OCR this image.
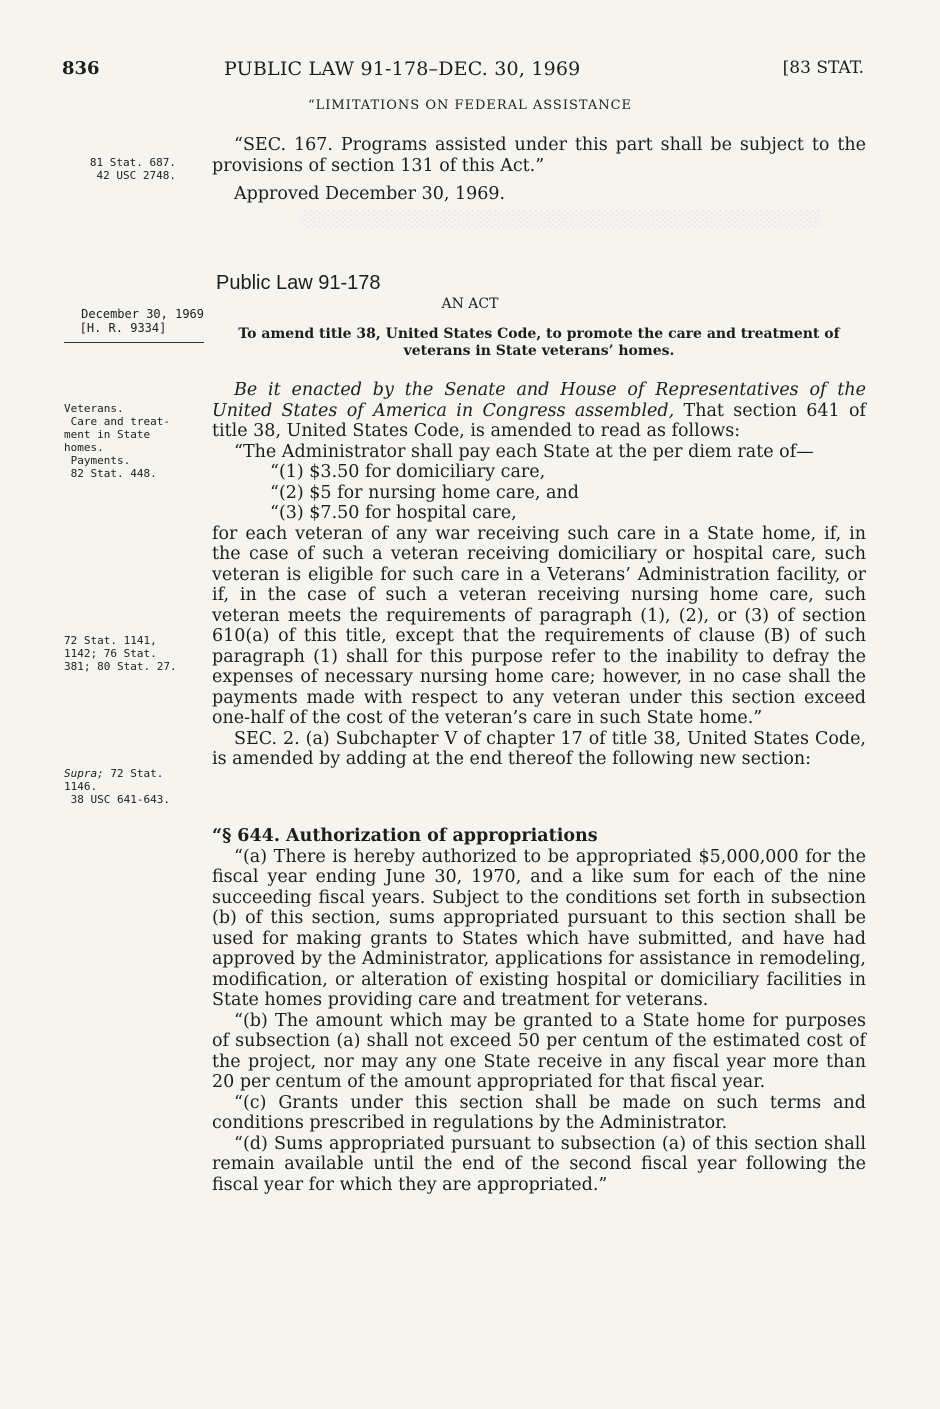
░░░░░░░░░░░░░░░░░░░░░░░░░░░░░░░░░░░░░░░░░░░░░
836	PUBLIC LAW 91-178–DEC. 30, 1969	[83 STAT.
“LIMITATIONS ON FEDERAL ASSISTANCE

“SEC. 167. Programs assisted under this part shall be subject to the provisions of section 131 of this Act.”

Approved December 30, 1969.

81 Stat. 687.
42 USC 2748.
Public Law 91-178
AN ACT
December 30, 1969
[H. R. 9334]	To amend title 38, United States Code, to promote the care and treatment of veterans in State veterans’ homes.
Veterans.
Care and treat-
ment in State
homes.
Payments.
82 Stat. 448.

Be it enacted by the Senate and House of Representatives of the United States of America in Congress assembled, That section 641 of title 38, United States Code, is amended to read as follows:

“The Administrator shall pay each State at the per diem rate of—

“(1) $3.50 for domiciliary care,

“(2) $5 for nursing home care, and

“(3) $7.50 for hospital care,

for each veteran of any war receiving such care in a State home, if, in the case of such a veteran receiving domiciliary or hospital care, such veteran is eligible for such care in a Veterans’ Administration facility, or if, in the case of such a veteran receiving nursing home care, such veteran meets the requirements of paragraph (1), (2), or (3) of section 610(a) of this title, except that the requirements of clause (B) of such paragraph (1) shall for this purpose refer to the inability to defray the expenses of necessary nursing home care; however, in no case shall the payments made with respect to any veteran under this section exceed one-half of the cost of the veteran’s care in such State home.”

SEC. 2. (a) Subchapter V of chapter 17 of title 38, United States Code, is amended by adding at the end thereof the following new section:

72 Stat. 1141,
1142; 76 Stat.
381; 80 Stat. 27.
Supra; 72 Stat.
1146.
38 USC 641-643.

“§ 644. Authorization of appropriations

“(a) There is hereby authorized to be appropriated $5,000,000 for the fiscal year ending June 30, 1970, and a like sum for each of the nine succeeding fiscal years. Subject to the conditions set forth in subsection (b) of this section, sums appropriated pursuant to this section shall be used for making grants to States which have submitted, and have had approved by the Administrator, applications for assistance in remodeling, modification, or alteration of existing hospital or domiciliary facilities in State homes providing care and treatment for veterans.

“(b) The amount which may be granted to a State home for purposes of subsection (a) shall not exceed 50 per centum of the estimated cost of the project, nor may any one State receive in any fiscal year more than 20 per centum of the amount appropriated for that fiscal year.

“(c) Grants under this section shall be made on such terms and conditions prescribed in regulations by the Administrator.

“(d) Sums appropriated pursuant to subsection (a) of this section shall remain available until the end of the second fiscal year following the fiscal year for which they are appropriated.”
